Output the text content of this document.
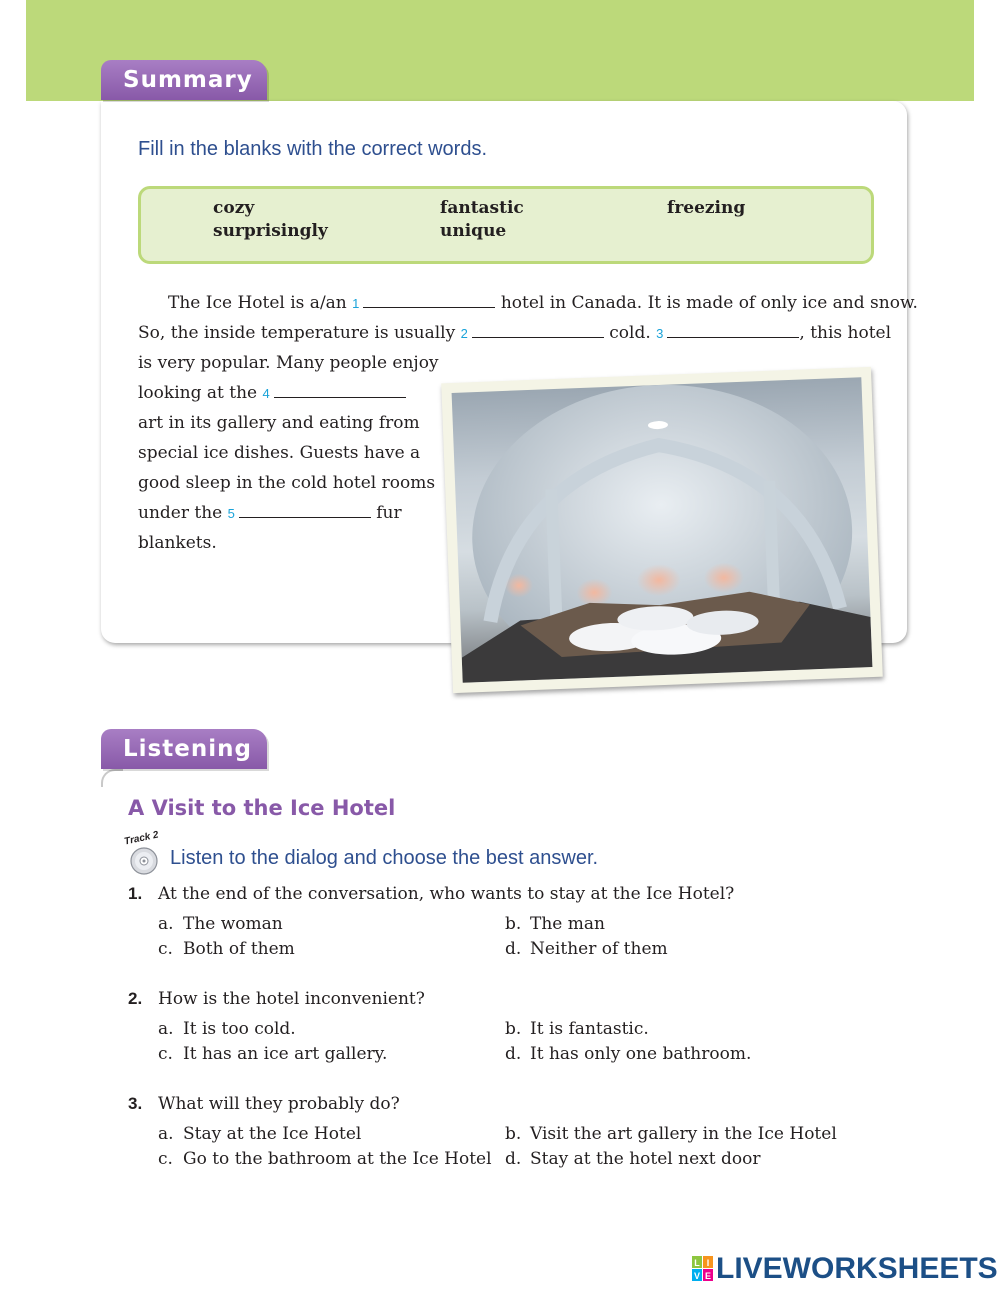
Summary
Fill in the blanks with the correct words.
cozy	fantastic	freezing
surprisingly	unique
The Ice Hotel is a/an 1	hotel in Canada. It is made of only ice and snow.
So, the inside temperature is usually 2	cold. 3	, this hotel
is very popular. Many people enjoy
looking at the 4
art in its gallery and eating from
special ice dishes. Guests have a
good sleep in the cold hotel rooms
under the 5	fur
blankets.
Listening
A Visit to the Ice Hotel
Track 2
Listen to the dialog and choose the best answer.
1. At the end of the conversation, who wants to stay at the Ice Hotel?
a. The woman	b. The man
c. Both of them	d. Neither of them
2. How is the hotel inconvenient?
a. It is too cold.	b. It is fantastic.
c. It has an ice art gallery.	d. It has only one bathroom.
3. What will they probably do?
a. Stay at the Ice Hotel	b. Visit the art gallery in the Ice Hotel
c. Go to the bathroom at the Ice Hotel d. Stay at the hotel next door
L I
V E LIVEWORKSHEETS
